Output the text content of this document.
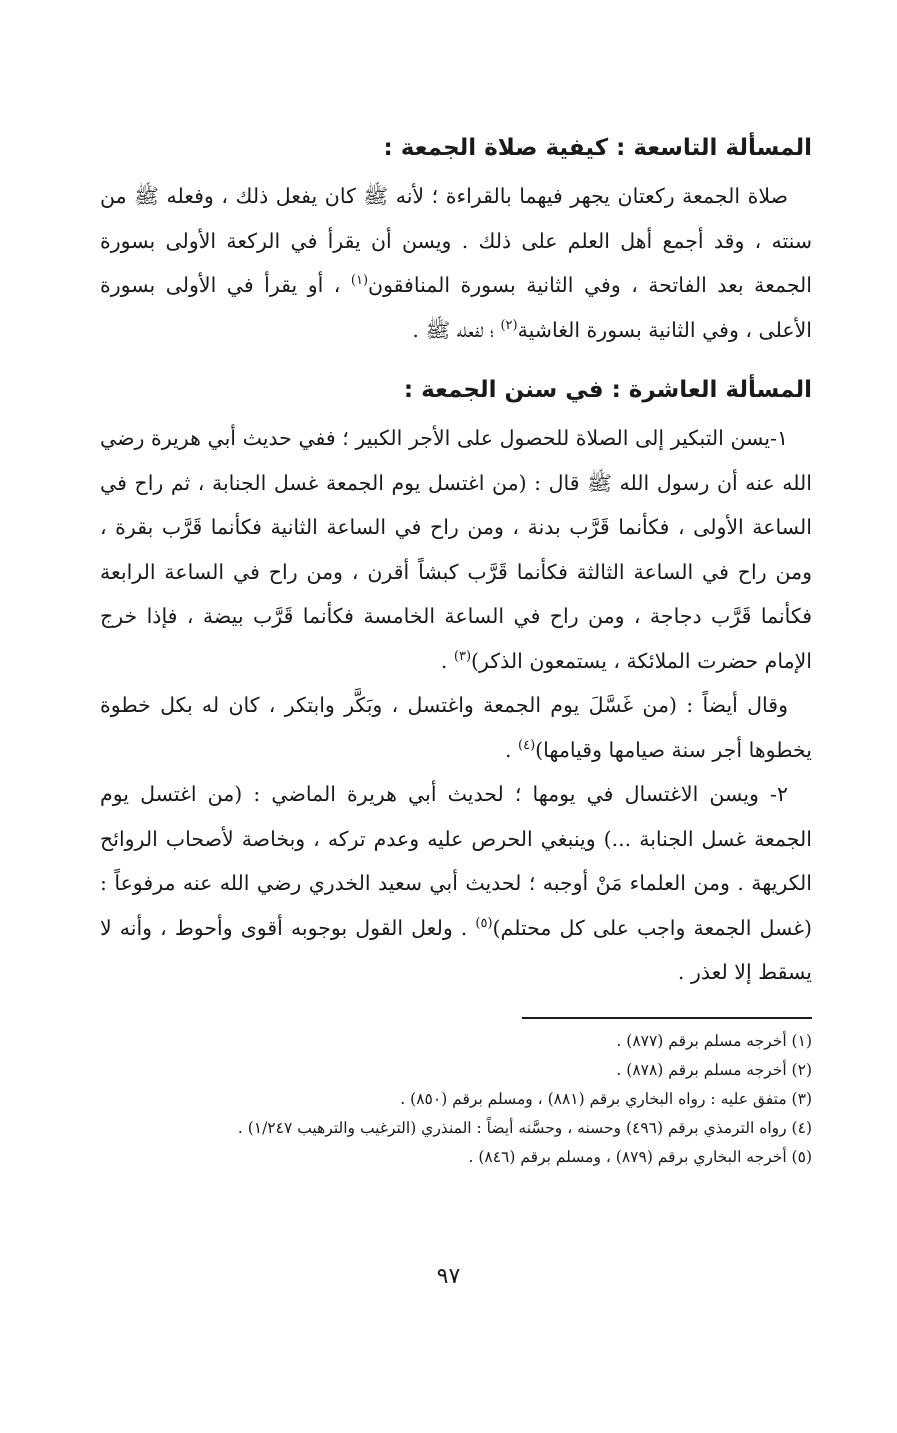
المسألة التاسعة : كيفية صلاة الجمعة :

صلاة الجمعة ركعتان يجهر فيهما بالقراءة ؛ لأنه ﷺ كان يفعل ذلك ، وفعله ﷺ من سنته ، وقد أجمع أهل العلم على ذلك . ويسن أن يقرأ في الركعة الأولى بسورة الجمعة بعد الفاتحة ، وفي الثانية بسورة المنافقون$^{(١)}$ ، أو يقرأ في الأولى بسورة الأعلى ، وفي الثانية بسورة الغاشية$^{(٢)}$ ؛ لفعله ﷺ .

المسألة العاشرة : في سنن الجمعة :

١-يسن التبكير إلى الصلاة للحصول على الأجر الكبير ؛ ففي حديث أبي هريرة رضي الله عنه أن رسول الله ﷺ قال : (من اغتسل يوم الجمعة غسل الجنابة ، ثم راح في الساعة الأولى ، فكأنما قَرَّب بدنة ، ومن راح في الساعة الثانية فكأنما قَرَّب بقرة ، ومن راح في الساعة الثالثة فكأنما قَرَّب كبشاً أقرن ، ومن راح في الساعة الرابعة فكأنما قَرَّب دجاجة ، ومن راح في الساعة الخامسة فكأنما قَرَّب بيضة ، فإذا خرج الإمام حضرت الملائكة ، يستمعون الذكر)$^{(٣)}$ .

وقال أيضاً : (من غَسَّلَ يوم الجمعة واغتسل ، وبَكَّر وابتكر ، كان له بكل خطوة يخطوها أجر سنة صيامها وقيامها)$^{(٤)}$ .

٢- ويسن الاغتسال في يومها ؛ لحديث أبي هريرة الماضي : (من اغتسل يوم الجمعة غسل الجنابة ...) وينبغي الحرص عليه وعدم تركه ، وبخاصة لأصحاب الروائح الكريهة . ومن العلماء مَنْ أوجبه ؛ لحديث أبي سعيد الخدري رضي الله عنه مرفوعاً : (غسل الجمعة واجب على كل محتلم)$^{(٥)}$ . ولعل القول بوجوبه أقوى وأحوط ، وأنه لا يسقط إلا لعذر .

(١) أخرجه مسلم برقم (٨٧٧) .

(٢) أخرجه مسلم برقم (٨٧٨) .

(٣) متفق عليه : رواه البخاري برقم (٨٨١) ، ومسلم برقم (٨٥٠) .

(٤) رواه الترمذي برقم (٤٩٦) وحسنه ، وحسَّنه أيضاً : المنذري (الترغيب والترهيب ١/٢٤٧) .

(٥) أخرجه البخاري برقم (٨٧٩) ، ومسلم برقم (٨٤٦) .

٩٧
